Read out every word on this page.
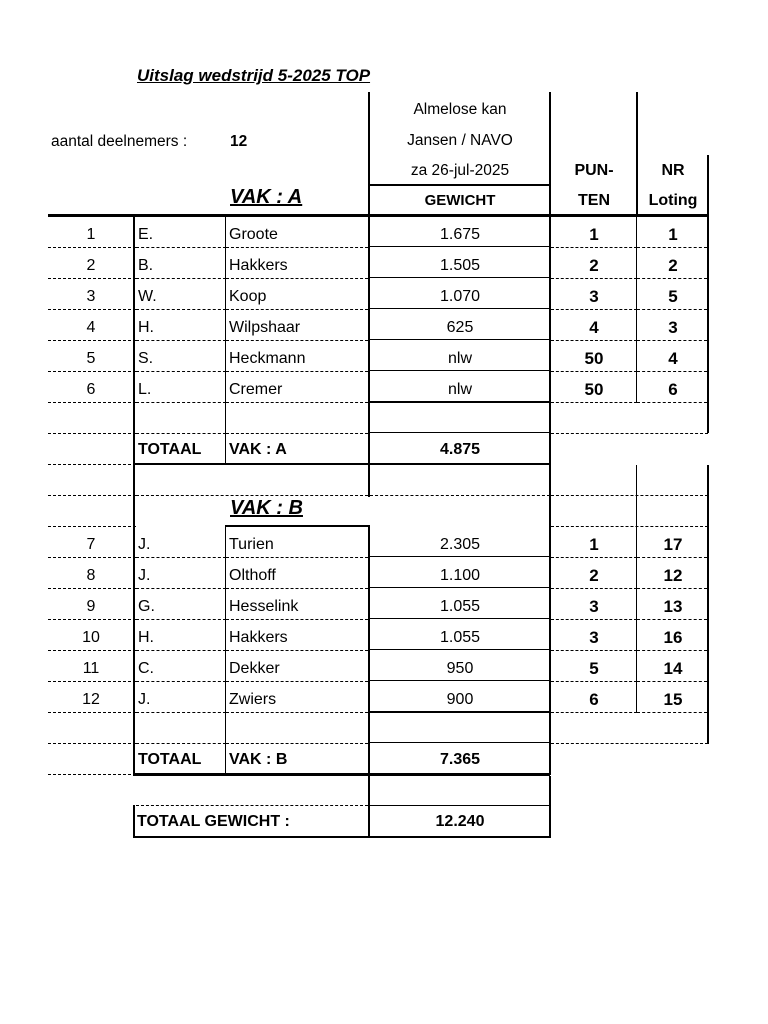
Uitslag wedstrijd 5-2025 TOP
aantal deelnemers :	12
Almelose kan
Jansen / NAVO
za 26-jul-2025	PUN-
TEN
NR
Loting
GEWICHT
VAK : A
1	E.	Groote	1.675	1	1
2	B.	Hakkers	1.505	2	2
3	W.	Koop	1.070	3	5
4	H.	Wilpshaar	625	4	3
5	S.	Heckmann	nlw	50	4
6	L.	Cremer	nlw	50	6
TOTAAL	VAK : A	4.875
VAK : B
7	J.	Turien	2.305	1	17
8	J.	Olthoff	1.100	2	12
9	G.	Hesselink	1.055	3	13
10	H.	Hakkers	1.055	3	16
11	C.	Dekker	950	5	14
12	J.	Zwiers	900	6	15
TOTAAL	VAK : B	7.365
TOTAAL GEWICHT :	12.240
